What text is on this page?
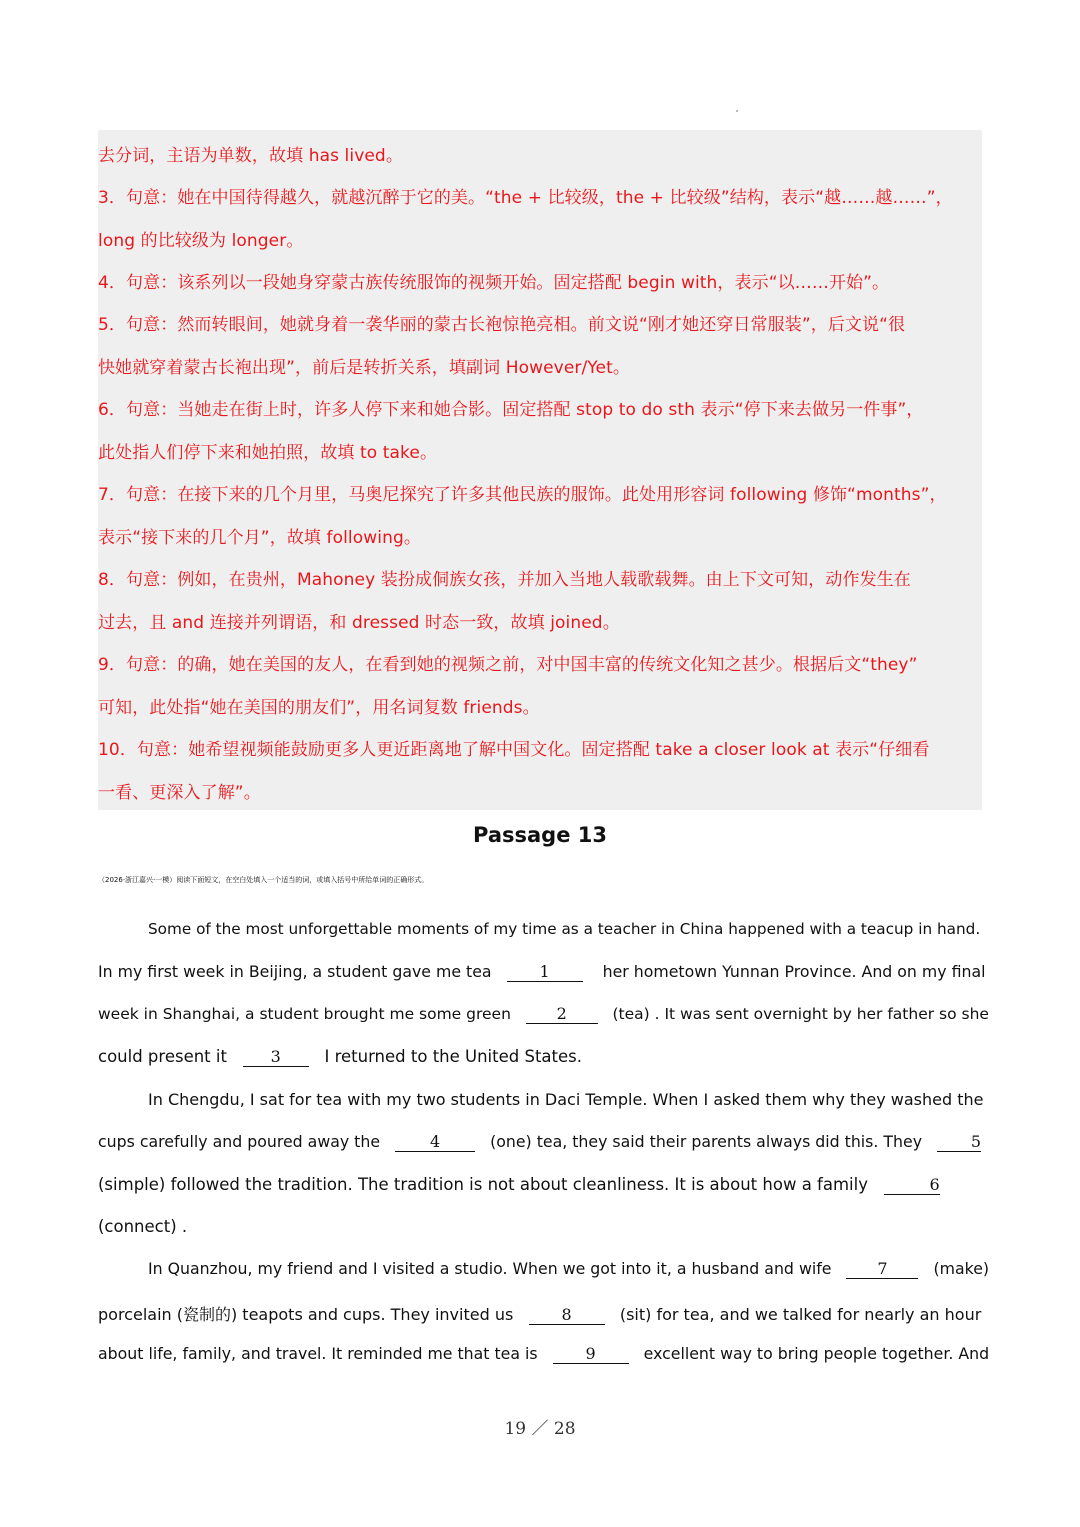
去分词，主语为单数，故填 has lived。
3．句意：她在中国待得越久，就越沉醉于它的美。“the + 比较级，the + 比较级”结构，表示“越……越……”，
long 的比较级为 longer。
4．句意：该系列以一段她身穿蒙古族传统服饰的视频开始。固定搭配 begin with，表示“以……开始”。
5．句意：然而转眼间，她就身着一袭华丽的蒙古长袍惊艳亮相。前文说“刚才她还穿日常服装”，后文说“很
快她就穿着蒙古长袍出现”，前后是转折关系，填副词 However/Yet。
6．句意：当她走在街上时，许多人停下来和她合影。固定搭配 stop to do sth 表示“停下来去做另一件事”，
此处指人们停下来和她拍照，故填 to take。
7．句意：在接下来的几个月里，马奥尼探究了许多其他民族的服饰。此处用形容词 following 修饰“months”，
表示“接下来的几个月”，故填 following。
8．句意：例如，在贵州，Mahoney 装扮成侗族女孩，并加入当地人载歌载舞。由上下文可知，动作发生在
过去，且 and 连接并列谓语，和 dressed 时态一致，故填 joined。
9．句意：的确，她在美国的友人，在看到她的视频之前，对中国丰富的传统文化知之甚少。根据后文“they”
可知，此处指“她在美国的朋友们”，用名词复数 friends。
10．句意：她希望视频能鼓励更多人更近距离地了解中国文化。固定搭配 take a closer look at 表示“仔细看
一看、更深入了解”。
Passage 13
（2026·浙江嘉兴·一模）阅读下面短文，在空白处填入一个适当的词，或填入括号中所给单词的正确形式。
Some of the most unforgettable moments of my time as a teacher in China happened with a teacup in hand.
In my first week in Beijing, a student gave me tea	1	her hometown Yunnan Province. And on my final
week in Shanghai, a student brought me some green	2	(tea) . It was sent overnight by her father so she
could present it	3	I returned to the United States.
In Chengdu, I sat for tea with my two students in Daci Temple. When I asked them why they washed the
cups carefully and poured away the	4	(one) tea, they said their parents always did this. They	5
(simple) followed the tradition. The tradition is not about cleanliness. It is about how a family	6
(connect) .
In Quanzhou, my friend and I visited a studio. When we got into it, a husband and wife	7	(make)
porcelain (瓷制的) teapots and cups. They invited us	8	(sit) for tea, and we talked for nearly an hour
about life, family, and travel. It reminded me that tea is	9	excellent way to bring people together. And
19 ／ 28
